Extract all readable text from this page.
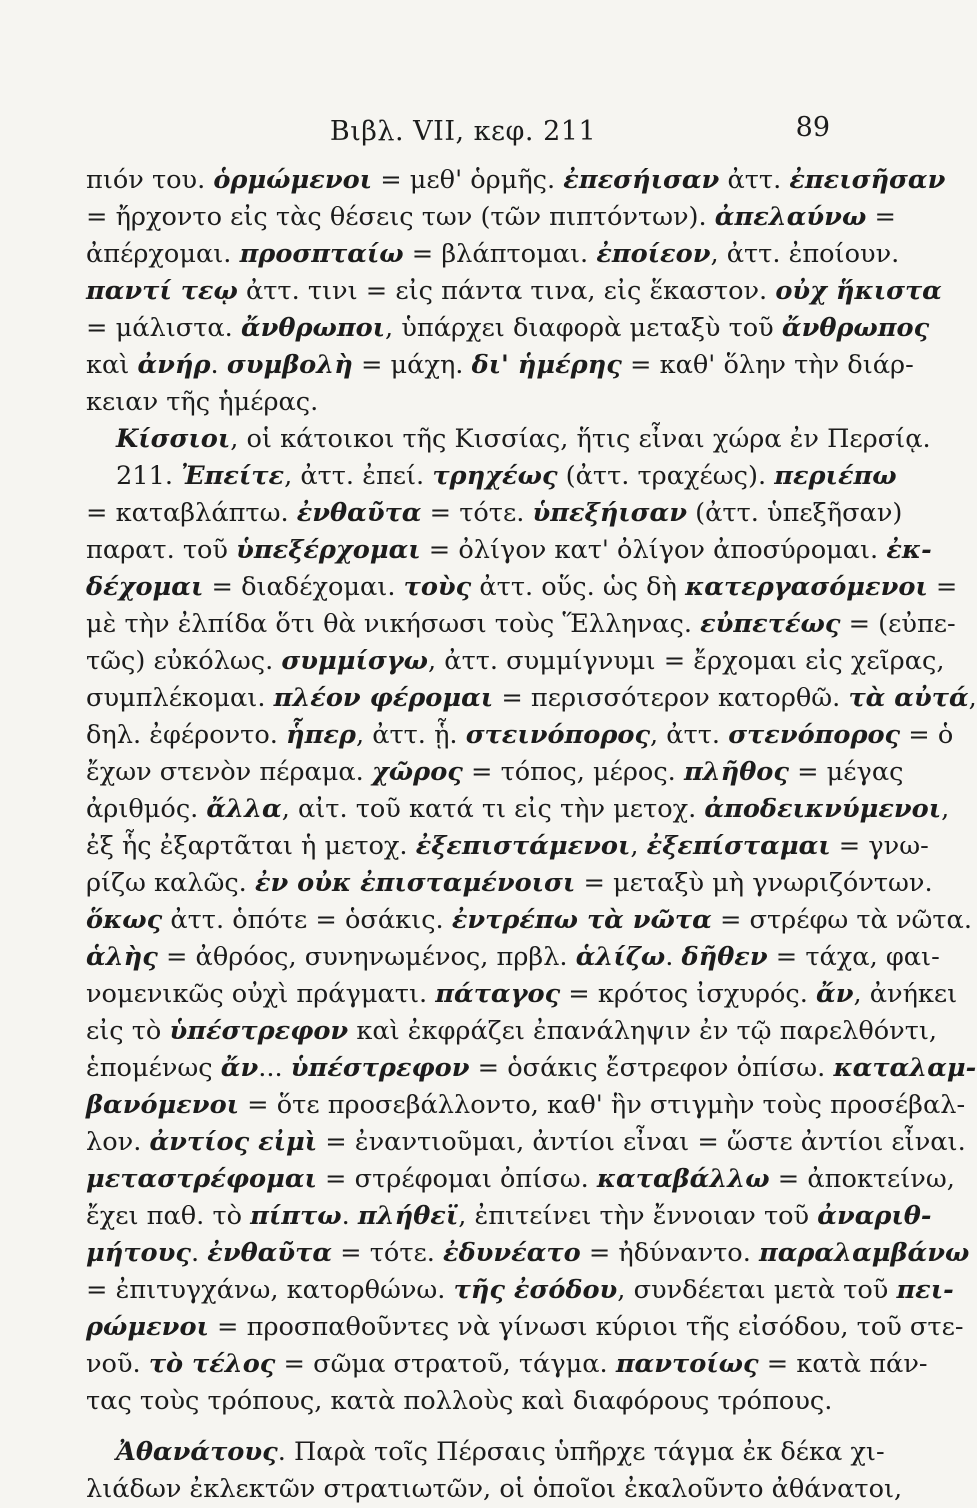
Βιβλ. VII, κεφ. 211	89
πιόν του. ὁρμώμενοι = μεθ' ὁρμῆς. ἐπεσήισαν ἀττ. ἐπεισῆσαν
= ἤρχοντο εἰς τὰς θέσεις των (τῶν πιπτόντων). ἀπελαύνω =
ἀπέρχομαι. προσπταίω = βλάπτομαι. ἐποίεον, ἀττ. ἐποίουν.
παντί τεῳ ἀττ. τινι = εἰς πάντα τινα, εἰς ἕκαστον. οὐχ ἥκιστα
= μάλιστα. ἄνθρωποι, ὑπάρχει διαφορὰ μεταξὺ τοῦ ἄνθρωπος
καὶ ἀνήρ. συμβολὴ = μάχη. δι' ἡμέρης = καθ' ὅλην τὴν διάρ-
κειαν τῆς ἡμέρας.
Κίσσιοι, οἱ κάτοικοι τῆς Κισσίας, ἥτις εἶναι χώρα ἐν Περσίᾳ.
211. Ἐπείτε, ἀττ. ἐπεί. τρηχέως (ἀττ. τραχέως). περιέπω
= καταβλάπτω. ἐνθαῦτα = τότε. ὑπεξήισαν (ἀττ. ὑπεξῆσαν)
παρατ. τοῦ ὑπεξέρχομαι = ὀλίγον κατ' ὀλίγον ἀποσύρομαι. ἐκ-
δέχομαι = διαδέχομαι. τοὺς ἀττ. οὕς. ὡς δὴ κατεργασόμενοι =
μὲ τὴν ἐλπίδα ὅτι θὰ νικήσωσι τοὺς Ἕλληνας. εὐπετέως = (εὐπε-
τῶς) εὐκόλως. συμμίσγω, ἀττ. συμμίγνυμι = ἔρχομαι εἰς χεῖρας,
συμπλέκομαι. πλέον φέρομαι = περισσότερον κατορθῶ. τὰ αὐτά,
δηλ. ἐφέροντο. ἧπερ, ἀττ. ᾗ. στεινόπορος, ἀττ. στενόπορος = ὁ
ἔχων στενὸν πέραμα. χῶρος = τόπος, μέρος. πλῆθος = μέγας
ἀριθμός. ἄλλα, αἰτ. τοῦ κατά τι εἰς τὴν μετοχ. ἀποδεικνύμενοι,
ἐξ ἧς ἐξαρτᾶται ἡ μετοχ. ἐξεπιστάμενοι, ἐξεπίσταμαι = γνω-
ρίζω καλῶς. ἐν οὐκ ἐπισταμένοισι = μεταξὺ μὴ γνωριζόντων.
ὅκως ἀττ. ὁπότε = ὁσάκις. ἐντρέπω τὰ νῶτα = στρέφω τὰ νῶτα.
ἁλὴς = ἀθρόος, συνηνωμένος, πρβλ. ἁλίζω. δῆθεν = τάχα, φαι-
νομενικῶς οὐχὶ πράγματι. πάταγος = κρότος ἰσχυρός. ἄν, ἀνήκει
εἰς τὸ ὑπέστρεφον καὶ ἐκφράζει ἐπανάληψιν ἐν τῷ παρελθόντι,
ἑπομένως ἄν... ὑπέστρεφον = ὁσάκις ἔστρεφον ὀπίσω. καταλαμ-
βανόμενοι = ὅτε προσεβάλλοντο, καθ' ἣν στιγμὴν τοὺς προσέβαλ-
λον. ἀντίος εἰμὶ = ἐναντιοῦμαι, ἀντίοι εἶναι = ὥστε ἀντίοι εἶναι.
μεταστρέφομαι = στρέφομαι ὀπίσω. καταβάλλω = ἀποκτείνω,
ἔχει παθ. τὸ πίπτω. πλήθεϊ, ἐπιτείνει τὴν ἔννοιαν τοῦ ἀναριθ-
μήτους. ἐνθαῦτα = τότε. ἐδυνέατο = ἠδύναντο. παραλαμβάνω
= ἐπιτυγχάνω, κατορθώνω. τῆς ἐσόδου, συνδέεται μετὰ τοῦ πει-
ρώμενοι = προσπαθοῦντες νὰ γίνωσι κύριοι τῆς εἰσόδου, τοῦ στε-
νοῦ. τὸ τέλος = σῶμα στρατοῦ, τάγμα. παντοίως = κατὰ πάν-
τας τοὺς τρόπους, κατὰ πολλοὺς καὶ διαφόρους τρόπους.
Ἀθανάτους. Παρὰ τοῖς Πέρσαις ὑπῆρχε τάγμα ἐκ δέκα χι-
λιάδων ἐκλεκτῶν στρατιωτῶν, οἱ ὁποῖοι ἐκαλοῦντο ἀθάνατοι,
